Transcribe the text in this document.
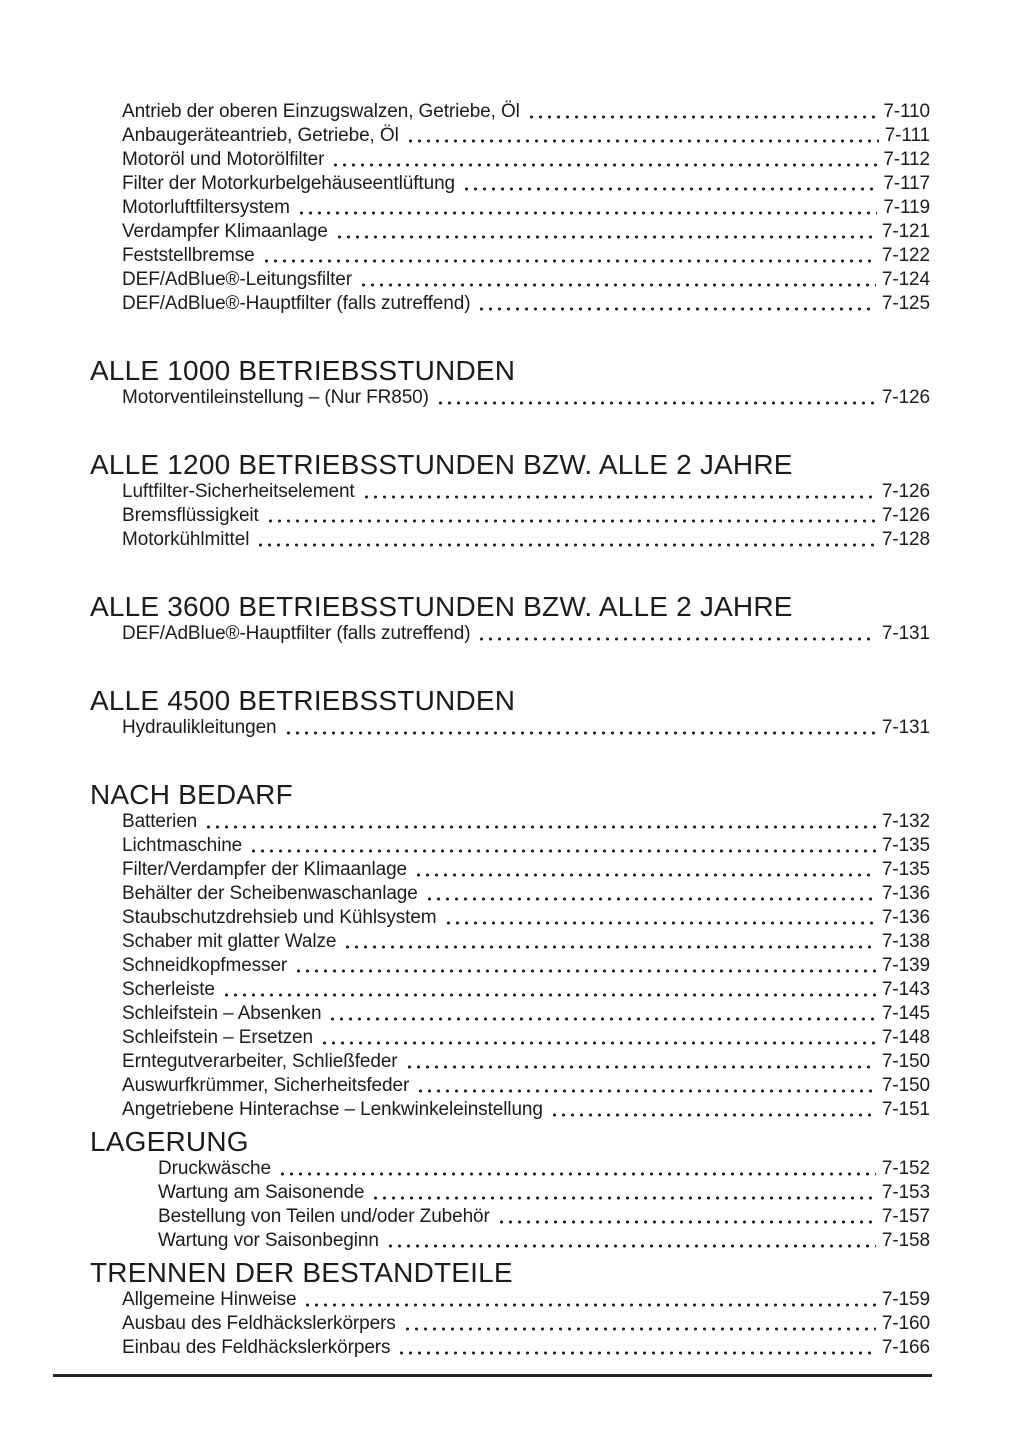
Antrieb der oberen Einzugswalzen, Getriebe, Öl	7-110
Anbaugeräteantrieb, Getriebe, Öl	7-111
Motoröl und Motorölfilter	7-112
Filter der Motorkurbelgehäuseentlüftung	7-117
Motorluftfiltersystem	7-119
Verdampfer Klimaanlage	7-121
Feststellbremse	7-122
DEF/AdBlue®-Leitungsfilter	7-124
DEF/AdBlue®-Hauptfilter (falls zutreffend)	7-125
ALLE 1000 BETRIEBSSTUNDEN
Motorventileinstellung – (Nur FR850)	7-126
ALLE 1200 BETRIEBSSTUNDEN BZW. ALLE 2 JAHRE
Luftfilter-Sicherheitselement	7-126
Bremsflüssigkeit	7-126
Motorkühlmittel	7-128
ALLE 3600 BETRIEBSSTUNDEN BZW. ALLE 2 JAHRE
DEF/AdBlue®-Hauptfilter (falls zutreffend)	7-131
ALLE 4500 BETRIEBSSTUNDEN
Hydraulikleitungen	7-131
NACH BEDARF
Batterien	7-132
Lichtmaschine	7-135
Filter/Verdampfer der Klimaanlage	7-135
Behälter der Scheibenwaschanlage	7-136
Staubschutzdrehsieb und Kühlsystem	7-136
Schaber mit glatter Walze	7-138
Schneidkopfmesser	7-139
Scherleiste	7-143
Schleifstein – Absenken	7-145
Schleifstein – Ersetzen	7-148
Erntegutverarbeiter, Schließfeder	7-150
Auswurfkrümmer, Sicherheitsfeder	7-150
Angetriebene Hinterachse – Lenkwinkeleinstellung	7-151
LAGERUNG
Druckwäsche	7-152
Wartung am Saisonende	7-153
Bestellung von Teilen und/oder Zubehör	7-157
Wartung vor Saisonbeginn	7-158
TRENNEN DER BESTANDTEILE
Allgemeine Hinweise	7-159
Ausbau des Feldhäckslerkörpers	7-160
Einbau des Feldhäckslerkörpers	7-166
